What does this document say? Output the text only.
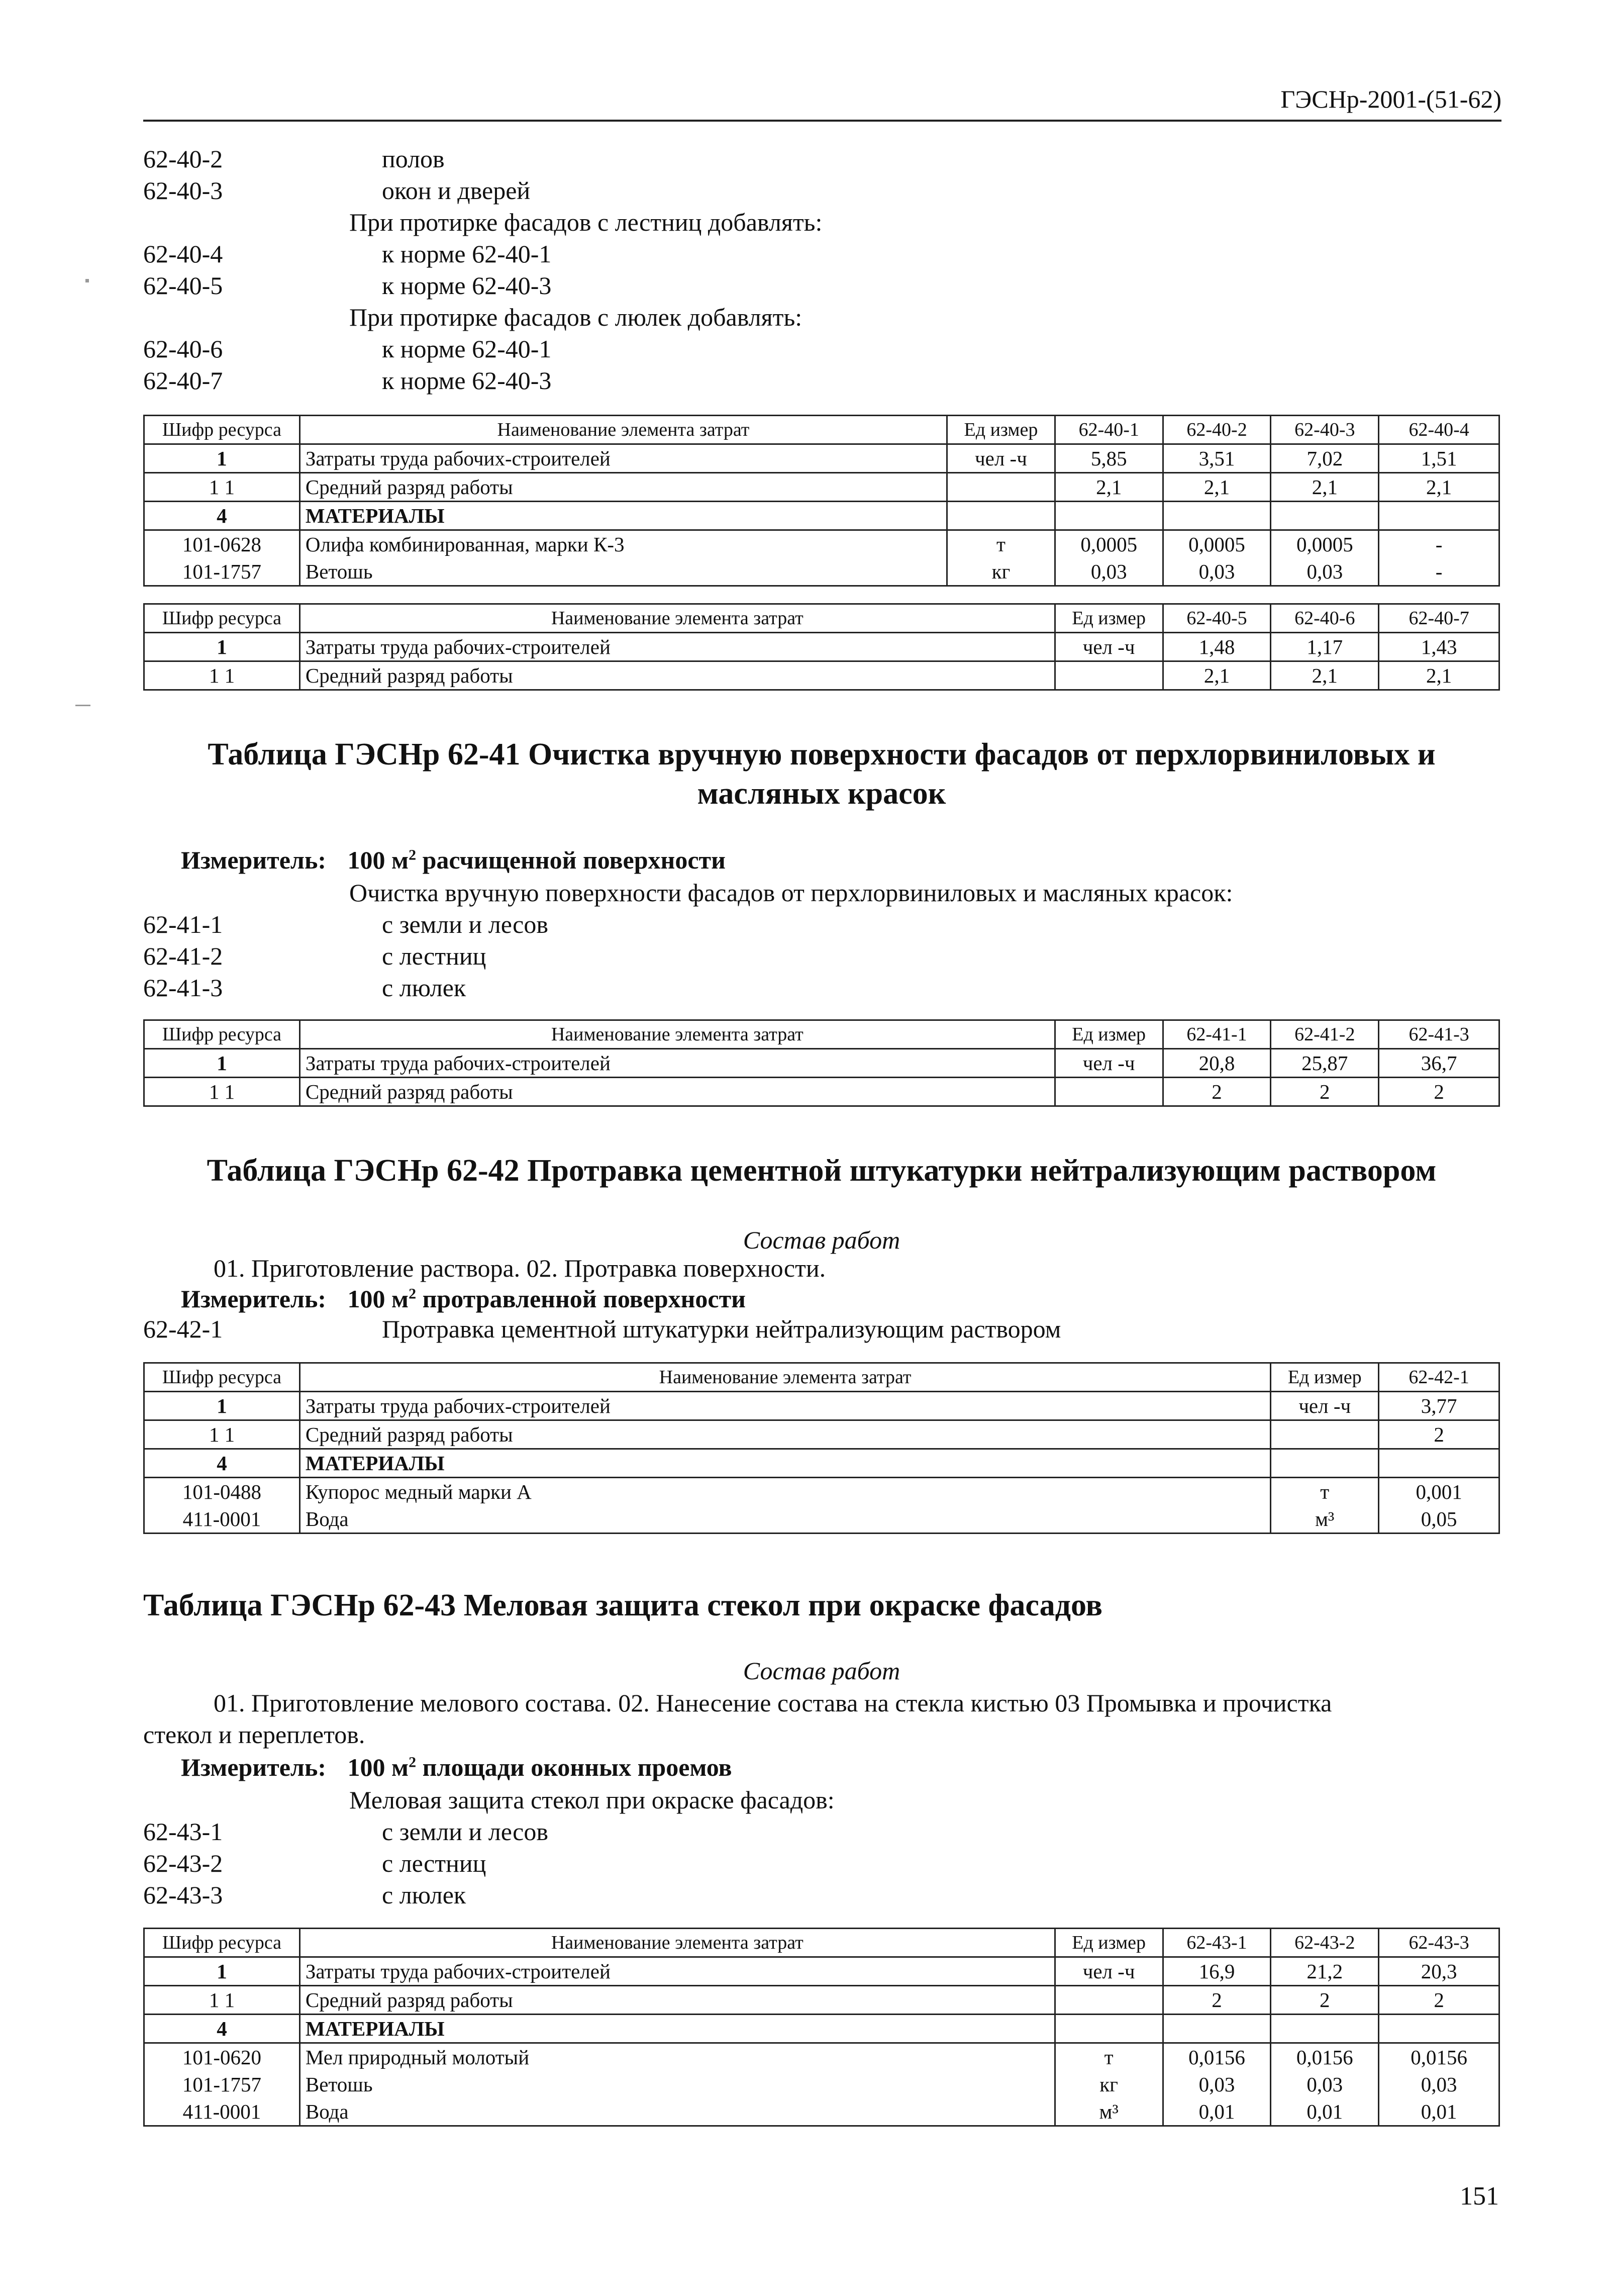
ГЭСНр-2001-(51-62)
62-40-2	полов
62-40-3	окон и дверей
При протирке фасадов с лестниц добавлять:
62-40-4	к норме 62-40-1
62-40-5	к норме 62-40-3
При протирке фасадов с люлек добавлять:
62-40-6	к норме 62-40-1
62-40-7	к норме 62-40-3
Шифр ресурса	Наименование элемента затрат	Ед измер	62-40-1	62-40-2	62-40-3	62-40-4
1	Затраты труда рабочих-строителей	чел -ч	5,85	3,51	7,02	1,51
1 1	Средний разряд работы		2,1	2,1	2,1	2,1
4	МАТЕРИАЛЫ					
101-0628	Олифа комбинированная, марки К-3	т	0,0005	0,0005	0,0005	-
101-1757	Ветошь	кг	0,03	0,03	0,03	-
Шифр ресурса	Наименование элемента затрат	Ед измер	62-40-5	62-40-6	62-40-7
1	Затраты труда рабочих-строителей	чел -ч	1,48	1,17	1,43
1 1	Средний разряд работы		2,1	2,1	2,1
Таблица ГЭСНр 62-41 Очистка вручную поверхности фасадов от перхлорвиниловых и
масляных красок
Измеритель: 100 $м^2$ расчищенной поверхности
Очистка вручную поверхности фасадов от перхлорвиниловых и масляных красок:
62-41-1	с земли и лесов
62-41-2	с лестниц
62-41-3	с люлек
Шифр ресурса	Наименование элемента затрат	Ед измер	62-41-1	62-41-2	62-41-3
1	Затраты труда рабочих-строителей	чел -ч	20,8	25,87	36,7
1 1	Средний разряд работы		2	2	2
Таблица ГЭСНр 62-42 Протравка цементной штукатурки нейтрализующим раствором
Состав работ
01. Приготовление раствора. 02. Протравка поверхности.
Измеритель: 100 $м^2$ протравленной поверхности
62-42-1	Протравка цементной штукатурки нейтрализующим раствором
Шифр ресурса	Наименование элемента затрат	Ед измер	62-42-1
1	Затраты труда рабочих-строителей	чел -ч	3,77
1 1	Средний разряд работы		2
4	МАТЕРИАЛЫ		
101-0488	Купорос медный марки А	т	0,001
411-0001	Вода	м³	0,05
Таблица ГЭСНр 62-43 Меловая защита стекол при окраске фасадов
Состав работ
01. Приготовление мелового состава. 02. Нанесение состава на стекла кистью 03 Промывка и прочистка
стекол и переплетов.
Измеритель: 100 $м^2$ площади оконных проемов
Меловая защита стекол при окраске фасадов:
62-43-1	с земли и лесов
62-43-2	с лестниц
62-43-3	с люлек
Шифр ресурса	Наименование элемента затрат	Ед измер	62-43-1	62-43-2	62-43-3
1	Затраты труда рабочих-строителей	чел -ч	16,9	21,2	20,3
1 1	Средний разряд работы		2	2	2
4	МАТЕРИАЛЫ				
101-0620	Мел природный молотый	т	0,0156	0,0156	0,0156
101-1757	Ветошь	кг	0,03	0,03	0,03
411-0001	Вода	м³	0,01	0,01	0,01
151
